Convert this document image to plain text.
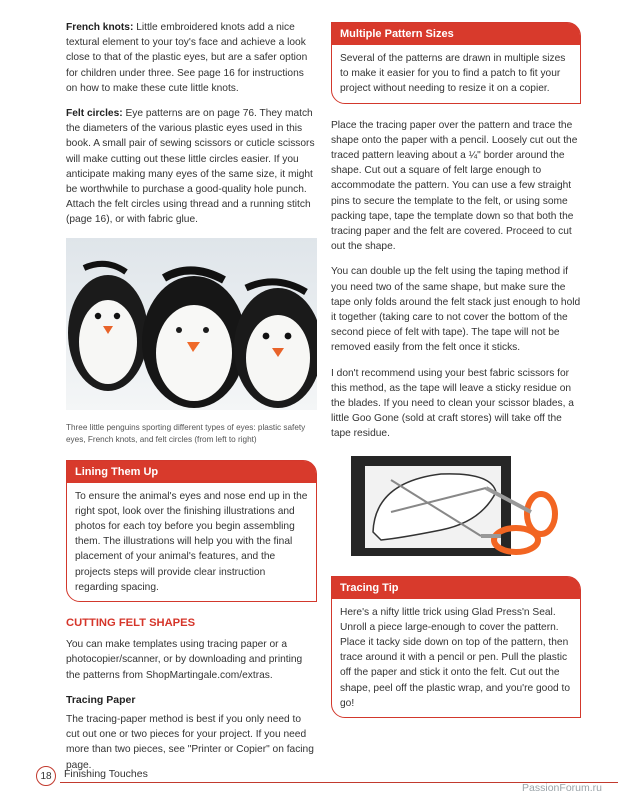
French knots: Little embroidered knots add a nice textural element to your toy's face and achieve a look close to that of the plastic eyes, but are a safer option for children under three. See page 16 for instructions on how to make these cute little knots.

Felt circles: Eye patterns are on page 76. They match the diameters of the various plastic eyes used in this book. A small pair of sewing scissors or cuticle scissors will make cutting out these little circles easier. If you anticipate making many eyes of the same size, it might be worthwhile to purchase a good-quality hole punch. Attach the felt circles using thread and a running stitch (page 16), or with fabric glue.

Three little penguins sporting different types of eyes: plastic safety eyes, French knots, and felt circles (from left to right)
Lining Them Up
To ensure the animal's eyes and nose end up in the right spot, look over the finishing illustrations and photos for each toy before you begin assembling them. The illustrations will help you with the final placement of your animal's features, and the projects steps will provide clear instruction regarding spacing.
CUTTING FELT SHAPES

You can make templates using tracing paper or a photocopier/scanner, or by downloading and printing the patterns from ShopMartingale.com/extras.

Tracing Paper

The tracing-paper method is best if you only need to cut out one or two pieces for your project. If you need more than two pieces, see "Printer or Copier" on facing page.

Multiple Pattern Sizes
Several of the patterns are drawn in multiple sizes to make it easier for you to find a patch to fit your project without needing to resize it on a copier.

Place the tracing paper over the pattern and trace the shape onto the paper with a pencil. Loosely cut out the traced pattern leaving about a ¼" border around the shape. Cut out a square of felt large enough to accommodate the pattern. You can use a few straight pins to secure the template to the felt, or using some packing tape, tape the template down so that both the tracing paper and the felt are covered. Proceed to cut out the shape.

You can double up the felt using the taping method if you need two of the same shape, but make sure the tape only folds around the felt stack just enough to hold it together (taking care to not cover the bottom of the second piece of felt with tape). The tape will not be removed easily from the felt once it sticks.

I don't recommend using your best fabric scissors for this method, as the tape will leave a sticky residue on the blades. If you need to clean your scissor blades, a little Goo Gone (sold at craft stores) will take off the tape residue.

Tracing Tip
Here's a nifty little trick using Glad Press'n Seal. Unroll a piece large-enough to cover the pattern. Place it tacky side down on top of the pattern, then trace around it with a pencil or pen. Pull the plastic off the paper and stick it onto the felt. Cut out the shape, peel off the plastic wrap, and you're good to go!
18	Finishing Touches
PassionForum.ru
